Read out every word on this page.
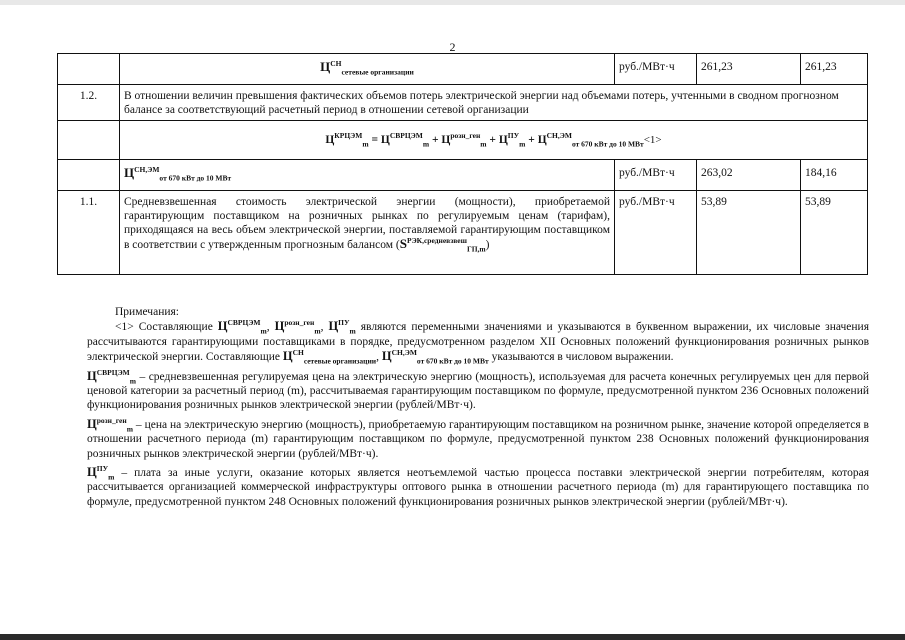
2
	$Ц^{СН}_{сетевые организации}$	руб./МВт·ч	261,23	261,23
1.2.	В отношении величин превышения фактических объемов потерь электрической энергии над объемами потерь, учтенными в сводном прогнозном балансе за соответствующий расчетный период в отношении сетевой организации			
	$Ц^{КРЦЭМ}_m = Ц^{СВРЦЭМ}_m + Ц^{розн\_ген}_m + Ц^{ПУ}_m + Ц^{СН,ЭМ}_{от 670 кВт до 10 МВт}<1>$			
	$Ц^{СН,ЭМ}_{от 670 кВт до 10 МВт}$	руб./МВт·ч	263,02	184,16
1.1.	Средневзвешенная стоимость электрической энергии (мощности), приобретаемой гарантирующим поставщиком на розничных рынках по регулируемым ценам (тарифам), приходящаяся на весь объем электрической энергии, поставляемой гарантирующим поставщиком в соответствии с утвержденным прогнозным балансом $(S^{РЭК,средневзвеш}_{ГП,m})$	руб./МВт·ч	53,89	53,89

Примечания:

<1> Составляющие $Ц^{СВРЦЭМ}_m$, $Ц^{розн\_ген}_m$, $Ц^{ПУ}_m$ являются переменными значениями и указываются в буквенном выражении, их числовые значения рассчитываются гарантирующими поставщиками в порядке, предусмотренном разделом XII Основных положений функционирования розничных рынков электрической энергии. Составляющие $Ц^{СН}_{сетевые организации}$, $Ц^{СН,ЭМ}_{от 670 кВт до 10 МВт}$ указываются в числовом выражении.

$Ц^{СВРЦЭМ}_m$ – средневзвешенная регулируемая цена на электрическую энергию (мощность), используемая для расчета конечных регулируемых цен для первой ценовой категории за расчетный период (m), рассчитываемая гарантирующим поставщиком по формуле, предусмотренной пунктом 236 Основных положений функционирования розничных рынков электрической энергии (рублей/МВт·ч).

$Ц^{розн\_ген}_m$ – цена на электрическую энергию (мощность), приобретаемую гарантирующим поставщиком на розничном рынке, значение которой определяется в отношении расчетного периода (m) гарантирующим поставщиком по формуле, предусмотренной пунктом 238 Основных положений функционирования розничных рынков электрической энергии (рублей/МВт·ч).

$Ц^{ПУ}_m$ – плата за иные услуги, оказание которых является неотъемлемой частью процесса поставки электрической энергии потребителям, которая рассчитывается организацией коммерческой инфраструктуры оптового рынка в отношении расчетного периода (m) для гарантирующего поставщика по формуле, предусмотренной пунктом 248 Основных положений функционирования розничных рынков электрической энергии (рублей/МВт·ч).
